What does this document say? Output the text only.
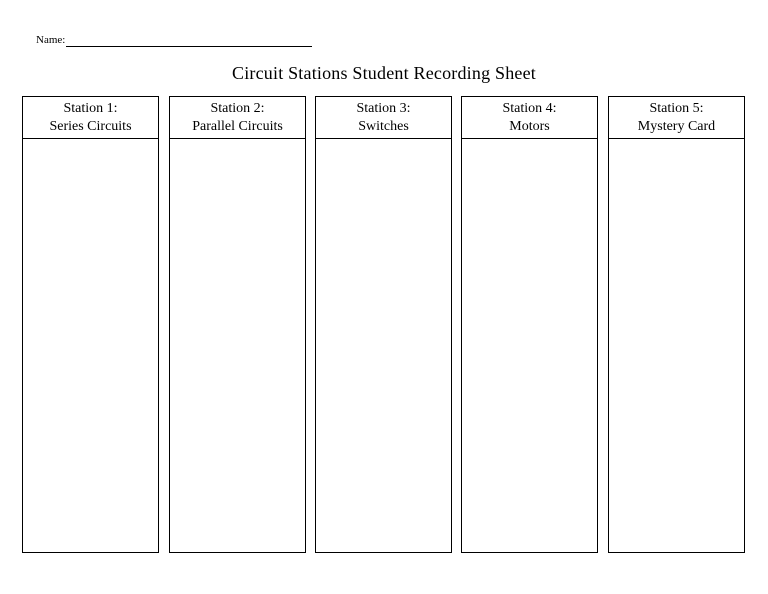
Name:
Circuit Stations Student Recording Sheet
Station 1:
Series Circuits
Station 2:
Parallel Circuits
Station 3:
Switches
Station 4:
Motors
Station 5:
Mystery Card
